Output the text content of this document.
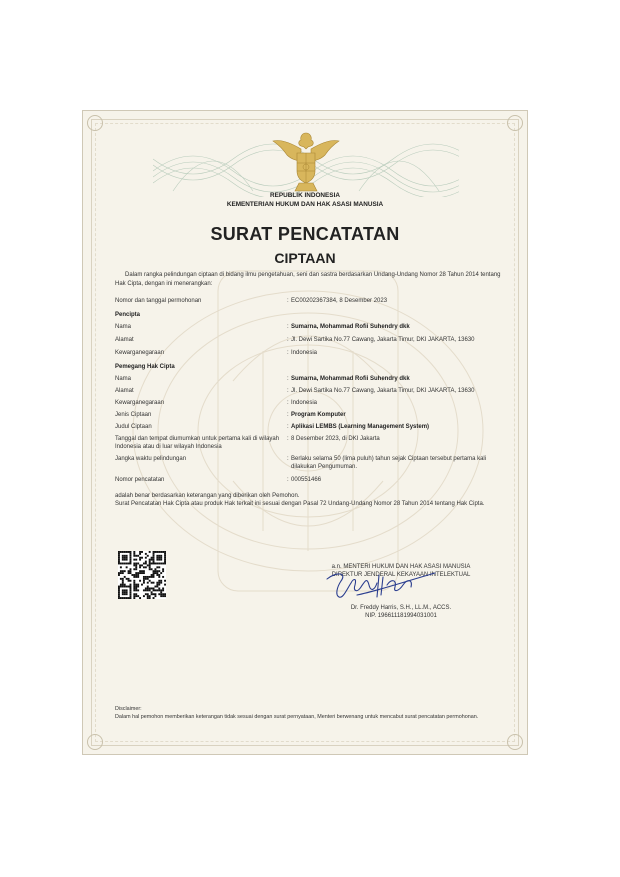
REPUBLIK INDONESIA
KEMENTERIAN HUKUM DAN HAK ASASI MANUSIA
SURAT PENCATATAN
CIPTAAN
Dalam rangka pelindungan ciptaan di bidang ilmu pengetahuan, seni dan sastra berdasarkan Undang-Undang Nomor 28 Tahun 2014 tentang Hak Cipta, dengan ini menerangkan:
Nomor dan tanggal permohonan	: EC00202367384, 8 Desember 2023
Pencipta
Nama	: Sumarna, Mohammad Rofii Suhendry dkk
Alamat	: Jl. Dewi Sartika No.77 Cawang, Jakarta Timur, DKI JAKARTA, 13630
Kewarganegaraan	: Indonesia
Pemegang Hak Cipta
Nama	: Sumarna, Mohammad Rofii Suhendry dkk
Alamat	: Jl. Dewi Sartika No.77 Cawang, Jakarta Timur, DKI JAKARTA, 13630
Kewarganegaraan	: Indonesia
Jenis Ciptaan	: Program Komputer
Judul Ciptaan	: Aplikasi LEMBS (Learning Management System)
Tanggal dan tempat diumumkan untuk pertama kali di wilayah Indonesia atau di luar wilayah Indonesia
: 8 Desember 2023, di DKI Jakarta
Jangka waktu pelindungan	: Berlaku selama 50 (lima puluh) tahun sejak Ciptaan tersebut pertama kali dilakukan Pengumuman.
Nomor pencatatan	: 000551466
adalah benar berdasarkan keterangan yang diberikan oleh Pemohon.
Surat Pencatatan Hak Cipta atau produk Hak terkait ini sesuai dengan Pasal 72 Undang-Undang Nomor 28 Tahun 2014 tentang Hak Cipta.
a.n. MENTERI HUKUM DAN HAK ASASI MANUSIA
DIREKTUR JENDERAL KEKAYAAN INTELEKTUAL
Dr. Freddy Harris, S.H., LL.M., ACCS.
NIP. 196611181994031001
Disclaimer:
Dalam hal pemohon memberikan keterangan tidak sesuai dengan surat pernyataan, Menteri berwenang untuk mencabut surat pencatatan permohonan.
